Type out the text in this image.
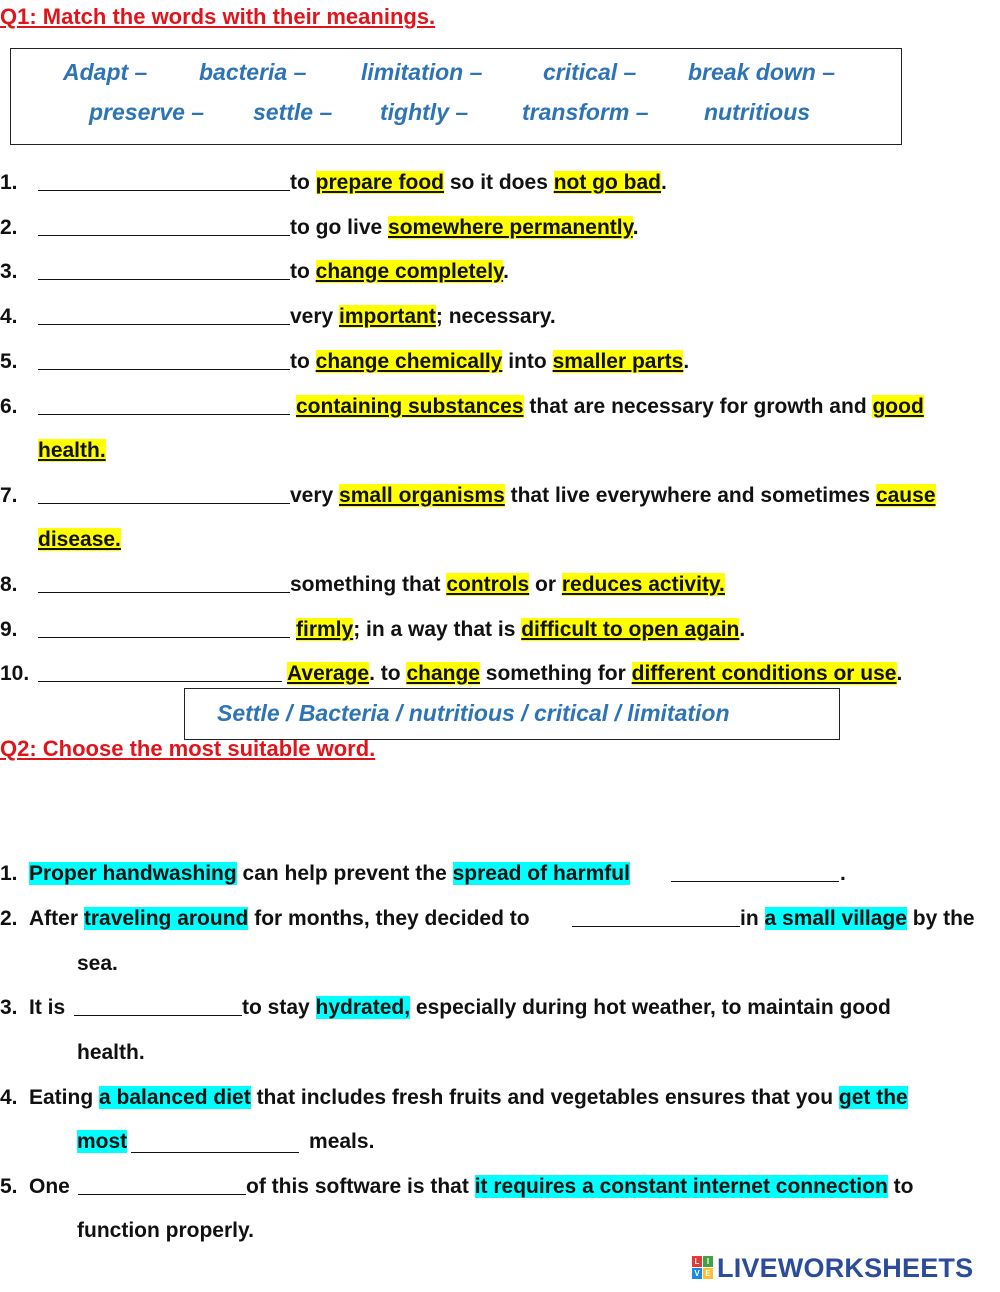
Q1: Match the words with their meanings.
Adapt – bacteria – limitation –	critical – break down –
preserve – settle – tightly – transform – nutritious
1.	to prepare food so it does not go bad.
2.	to go live somewhere permanently.
3.	to change completely.
4.	very important; necessary.
5.	to change chemically into smaller parts.
6.	containing substances that are necessary for growth and good
health.
7.	very small organisms that live everywhere and sometimes cause
disease.
8.	something that controls or reduces activity.
9.	firmly; in a way that is difficult to open again.
10.	Average. to change something for different conditions or use.
Settle / Bacteria / nutritious / critical / limitation
Q2: Choose the most suitable word.
1. Proper handwashing can help prevent the spread of harmful	.
2. After traveling around for months, they decided to	in a small village by the
sea.
3. It is	to stay hydrated, especially during hot weather, to maintain good
health.
4. Eating a balanced diet that includes fresh fruits and vegetables ensures that you get the
most	meals.
5. One	of this software is that it requires a constant internet connection to
function properly.
L I
V E LIVEWORKSHEETS
